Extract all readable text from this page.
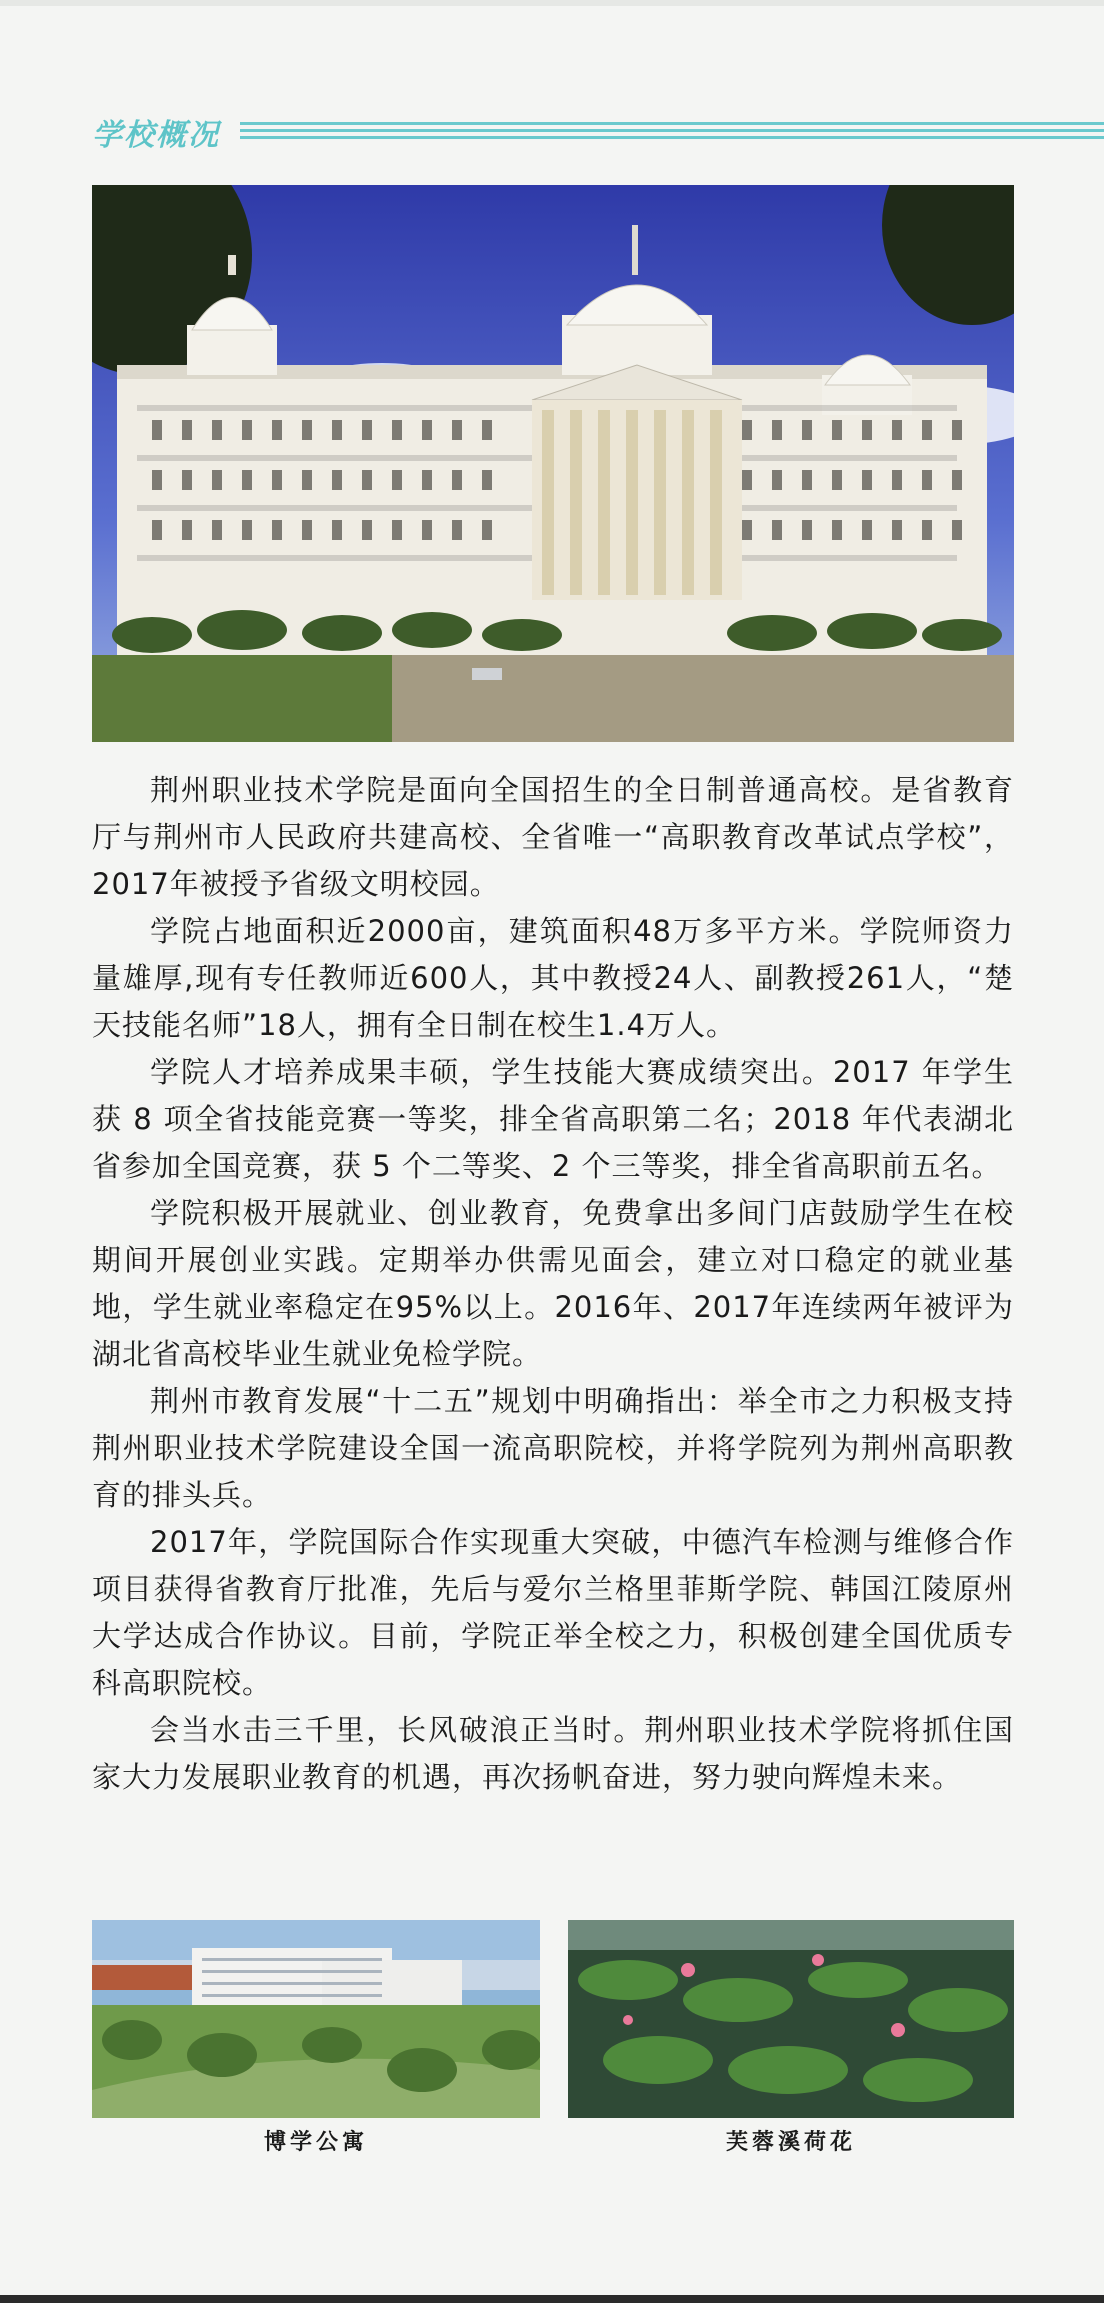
学校概况

荆州职业技术学院是面向全国招生的全日制普通高校。是省教育厅与荆州市人民政府共建高校、全省唯一“高职教育改革试点学校”，2017年被授予省级文明校园。

学院占地面积近2000亩，建筑面积48万多平方米。学院师资力量雄厚,现有专任教师近600人，其中教授24人、副教授261人，“楚天技能名师”18人，拥有全日制在校生1.4万人。

学院人才培养成果丰硕，学生技能大赛成绩突出。2017 年学生获 8 项全省技能竞赛一等奖，排全省高职第二名；2018 年代表湖北省参加全国竞赛，获 5 个二等奖、2 个三等奖，排全省高职前五名。

学院积极开展就业、创业教育，免费拿出多间门店鼓励学生在校期间开展创业实践。定期举办供需见面会，建立对口稳定的就业基地，学生就业率稳定在95%以上。2016年、2017年连续两年被评为湖北省高校毕业生就业免检学院。

荆州市教育发展“十二五”规划中明确指出：举全市之力积极支持荆州职业技术学院建设全国一流高职院校，并将学院列为荆州高职教育的排头兵。

2017年，学院国际合作实现重大突破，中德汽车检测与维修合作项目获得省教育厅批准，先后与爱尔兰格里菲斯学院、韩国江陵原州大学达成合作协议。目前，学院正举全校之力，积极创建全国优质专科高职院校。

会当水击三千里，长风破浪正当时。荆州职业技术学院将抓住国家大力发展职业教育的机遇，再次扬帆奋进，努力驶向辉煌未来。

博学公寓	芙蓉溪荷花
